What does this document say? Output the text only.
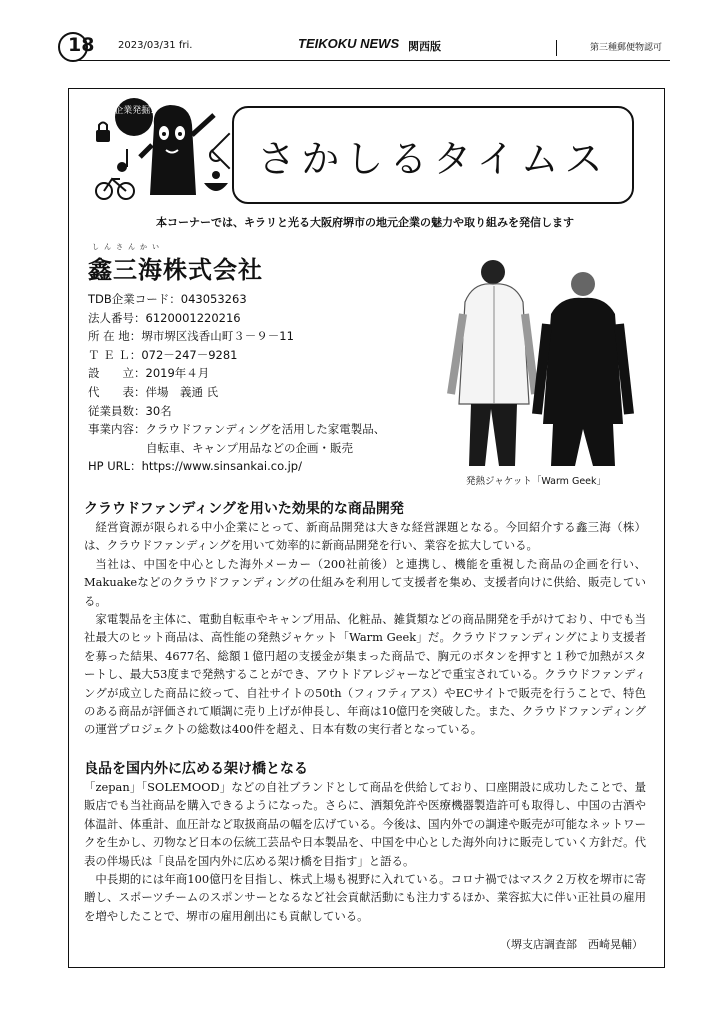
18 2023/03/31 fri.	TEIKOKU NEWS 関西版	第三種郵便物認可
企業発掘!
さかしるタイムス
本コーナーでは、キラリと光る大阪府堺市の地元企業の魅力や取り組みを発信します
しんさんかい
鑫三海株式会社
TDB企業コード： 043053263
法人番号： 6120001220216
所 在 地： 堺市堺区浅香山町３－９－11
Ｔ Ｅ Ｌ： 072－247－9281
設　　立： 2019年４月
代　　表： 伴場　義通 氏
従業員数： 30名
事業内容： クラウドファンディングを活用した家電製品、
自転車、キャンプ用品などの企画・販売
HP URL： https://www.sinsankai.co.jp/
発熱ジャケット「Warm Geek」
クラウドファンディングを用いた効果的な商品開発

経営資源が限られる中小企業にとって、新商品開発は大きな経営課題となる。今回紹介する鑫三海（株）は、クラウドファンディングを用いて効率的に新商品開発を行い、業容を拡大している。

当社は、中国を中心とした海外メーカー（200社前後）と連携し、機能を重視した商品の企画を行い、Makuakeなどのクラウドファンディングの仕組みを利用して支援者を集め、支援者向けに供給、販売している。

家電製品を主体に、電動自転車やキャンプ用品、化粧品、雑貨類などの商品開発を手がけており、中でも当社最大のヒット商品は、高性能の発熱ジャケット「Warm Geek」だ。クラウドファンディングにより支援者を募った結果、4677名、総額１億円超の支援金が集まった商品で、胸元のボタンを押すと１秒で加熱がスタートし、最大53度まで発熱することができ、アウトドアレジャーなどで重宝されている。クラウドファンディングが成立した商品に絞って、自社サイトの50th（フィフティアス）やECサイトで販売を行うことで、特色のある商品が評価されて順調に売り上げが伸長し、年商は10億円を突破した。また、クラウドファンディングの運営プロジェクトの総数は400件を超え、日本有数の実行者となっている。

良品を国内外に広める架け橋となる

「zepan」「SOLEMOOD」などの自社ブランドとして商品を供給しており、口座開設に成功したことで、量販店でも当社商品を購入できるようになった。さらに、酒類免許や医療機器製造許可も取得し、中国の古酒や体温計、体重計、血圧計など取扱商品の幅を広げている。今後は、国内外での調達や販売が可能なネットワークを生かし、刃物など日本の伝統工芸品や日本製品を、中国を中心とした海外向けに販売していく方針だ。代表の伴場氏は「良品を国内外に広める架け橋を目指す」と語る。

中長期的には年商100億円を目指し、株式上場も視野に入れている。コロナ禍ではマスク２万枚を堺市に寄贈し、スポーツチームのスポンサーとなるなど社会貢献活動にも注力するほか、業容拡大に伴い正社員の雇用を増やしたことで、堺市の雇用創出にも貢献している。

（堺支店調査部　西崎晃輔）
